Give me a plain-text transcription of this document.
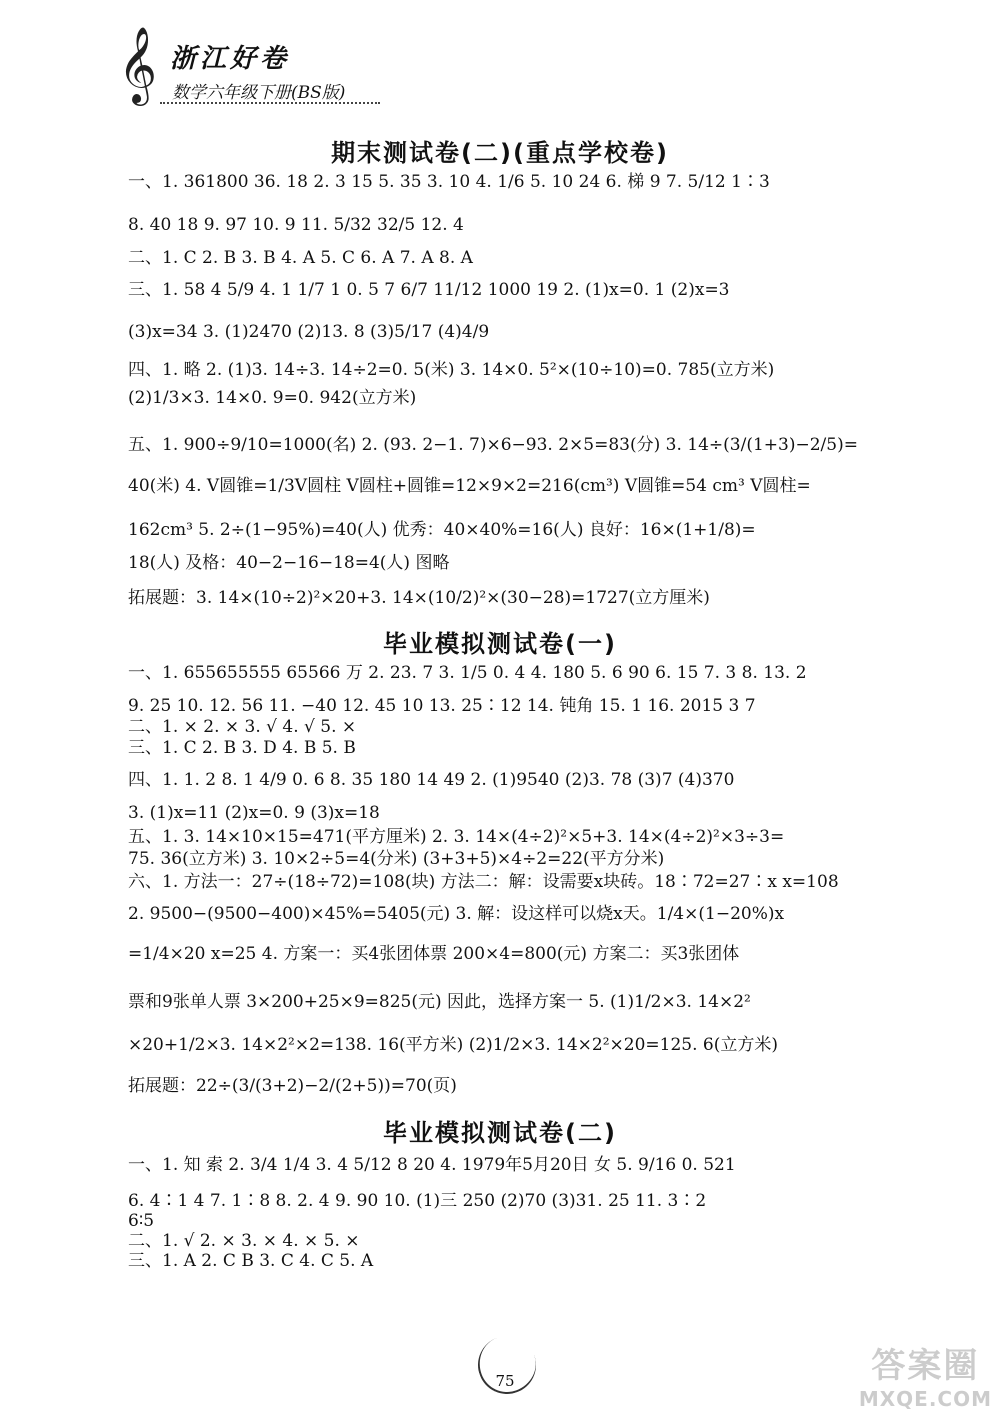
𝄞 浙江好卷
数学六年级下册(BS版)
期末测试卷(二)(重点学校卷)
一、1. 361800 36. 18 2. 3 15 5. 35 3. 10 4. 1/6 5. 10 24 6. 梯 9 7. 5/12 1∶3
8. 40 18 9. 97 10. 9 11. 5/32 32/5 12. 4
二、1. C 2. B 3. B 4. A 5. C 6. A 7. A 8. A
三、1. 58 4 5/9 4. 1 1/7 1 0. 5 7 6/7 11/12 1000 19 2. (1)x=0. 1 (2)x=3
(3)x=34 3. (1)2470 (2)13. 8 (3)5/17 (4)4/9
四、1. 略 2. (1)3. 14÷3. 14÷2=0. 5(米) 3. 14×0. 5²×(10÷10)=0. 785(立方米)
(2)1/3×3. 14×0. 9=0. 942(立方米)
五、1. 900÷9/10=1000(名) 2. (93. 2−1. 7)×6−93. 2×5=83(分) 3. 14÷(3/(1+3)−2/5)=
40(米) 4. V圆锥=1/3V圆柱 V圆柱+圆锥=12×9×2=216(cm³) V圆锥=54 cm³ V圆柱=
162cm³ 5. 2÷(1−95%)=40(人) 优秀：40×40%=16(人) 良好：16×(1+1/8)=
18(人) 及格：40−2−16−18=4(人) 图略
拓展题：3. 14×(10÷2)²×20+3. 14×(10/2)²×(30−28)=1727(立方厘米)
毕业模拟测试卷(一)
一、1. 655655555 65566 万 2. 23. 7 3. 1/5 0. 4 4. 180 5. 6 90 6. 15 7. 3 8. 13. 2
9. 25 10. 12. 56 11. −40 12. 45 10 13. 25∶12 14. 钝角 15. 1 16. 2015 3 7
二、1. × 2. × 3. √ 4. √ 5. ×
三、1. C 2. B 3. D 4. B 5. B
四、1. 1. 2 8. 1 4/9 0. 6 8. 35 180 14 49 2. (1)9540 (2)3. 78 (3)7 (4)370
3. (1)x=11 (2)x=0. 9 (3)x=18
五、1. 3. 14×10×15=471(平方厘米) 2. 3. 14×(4÷2)²×5+3. 14×(4÷2)²×3÷3=
75. 36(立方米) 3. 10×2÷5=4(分米) (3+3+5)×4÷2=22(平方分米)
六、1. 方法一：27÷(18÷72)=108(块) 方法二：解：设需要x块砖。18∶72=27∶x x=108
2. 9500−(9500−400)×45%=5405(元) 3. 解：设这样可以烧x天。1/4×(1−20%)x
=1/4×20 x=25 4. 方案一：买4张团体票 200×4=800(元) 方案二：买3张团体
票和9张单人票 3×200+25×9=825(元) 因此，选择方案一 5. (1)1/2×3. 14×2²
×20+1/2×3. 14×2²×2=138. 16(平方米) (2)1/2×3. 14×2²×20=125. 6(立方米)
拓展题：22÷(3/(3+2)−2/(2+5))=70(页)
毕业模拟测试卷(二)
一、1. 知 索 2. 3/4 1/4 3. 4 5/12 8 20 4. 1979年5月20日 女 5. 9/16 0. 521
6. 4∶1 4 7. 1∶8 8. 2. 4 9. 90 10. (1)三 250 (2)70 (3)31. 25 11. 3∶2
6∶5
二、1. √ 2. × 3. × 4. × 5. ×
三、1. A 2. C B 3. C 4. C 5. A
75	答案圈
MXQE.COM
